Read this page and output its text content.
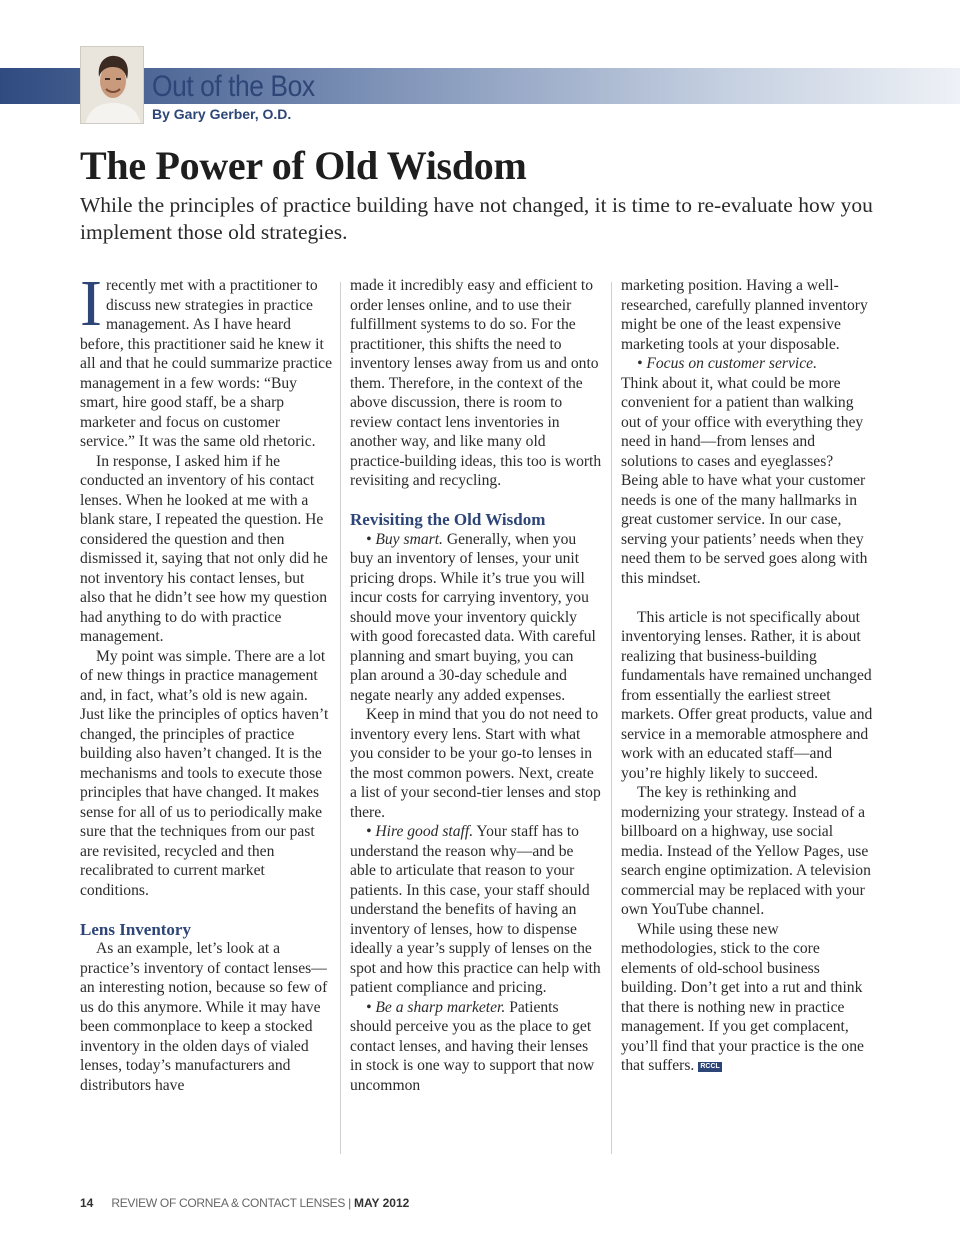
Out of the Box
By Gary Gerber, O.D.
The Power of Old Wisdom

While the principles of practice building have not changed, it is time to re-evaluate how you implement those old strategies.

Irecently met with a practitioner to discuss new strategies in practice management. As I have heard before, this practitioner said he knew it all and that he could summarize practice management in a few words: “Buy smart, hire good staff, be a sharp marketer and focus on customer service.” It was the same old rhetoric.

In response, I asked him if he conducted an inventory of his contact lenses. When he looked at me with a blank stare, I repeated the question. He considered the question and then dismissed it, saying that not only did he not inventory his contact lenses, but also that he didn’t see how my question had anything to do with practice management.

My point was simple. There are a lot of new things in practice management and, in fact, what’s old is new again. Just like the principles of optics haven’t changed, the principles of practice building also haven’t changed. It is the mechanisms and tools to execute those principles that have changed. It makes sense for all of us to periodically make sure that the techniques from our past are revisited, recycled and then recalibrated to current market conditions.

Lens Inventory

As an example, let’s look at a practice’s inventory of contact lenses—an interesting notion, because so few of us do this anymore. While it may have been commonplace to keep a stocked inventory in the olden days of vialed lenses, today’s manufacturers and distributors have

made it incredibly easy and efficient to order lenses online, and to use their fulfillment systems to do so. For the practitioner, this shifts the need to inventory lenses away from us and onto them. Therefore, in the context of the above discussion, there is room to review contact lens inventories in another way, and like many old practice-building ideas, this too is worth revisiting and recycling.

Revisiting the Old Wisdom

• Buy smart. Generally, when you buy an inventory of lenses, your unit pricing drops. While it’s true you will incur costs for carrying inventory, you should move your inventory quickly with good forecasted data. With careful planning and smart buying, you can plan around a 30-day schedule and negate nearly any added expenses.

Keep in mind that you do not need to inventory every lens. Start with what you consider to be your go-to lenses in the most common powers. Next, create a list of your second-tier lenses and stop there.

• Hire good staff. Your staff has to understand the reason why—and be able to articulate that reason to your patients. In this case, your staff should understand the benefits of having an inventory of lenses, how to dispense ideally a year’s supply of lenses on the spot and how this practice can help with patient compliance and pricing.

• Be a sharp marketer. Patients should perceive you as the place to get contact lenses, and having their lenses in stock is one way to support that now uncommon

marketing position. Having a well-researched, carefully planned inventory might be one of the least expensive marketing tools at your disposable.

• Focus on customer service.

Think about it, what could be more convenient for a patient than walking out of your office with everything they need in hand—from lenses and solutions to cases and eyeglasses? Being able to have what your customer needs is one of the many hallmarks in great customer service. In our case, serving your patients’ needs when they need them to be served goes along with this mindset.

This article is not specifically about inventorying lenses. Rather, it is about realizing that business-building fundamentals have remained unchanged from essentially the earliest street markets. Offer great products, value and service in a memorable atmosphere and work with an educated staff—and you’re highly likely to succeed.

The key is rethinking and modernizing your strategy. Instead of a billboard on a highway, use social media. Instead of the Yellow Pages, use search engine optimization. A television commercial may be replaced with your own YouTube channel.

While using these new methodologies, stick to the core elements of old-school business building. Don’t get into a rut and think that there is nothing new in practice management. If you get complacent, you’ll find that your practice is the one that suffers. RCCL

14 REVIEW OF CORNEA & CONTACT LENSES | MAY 2012
